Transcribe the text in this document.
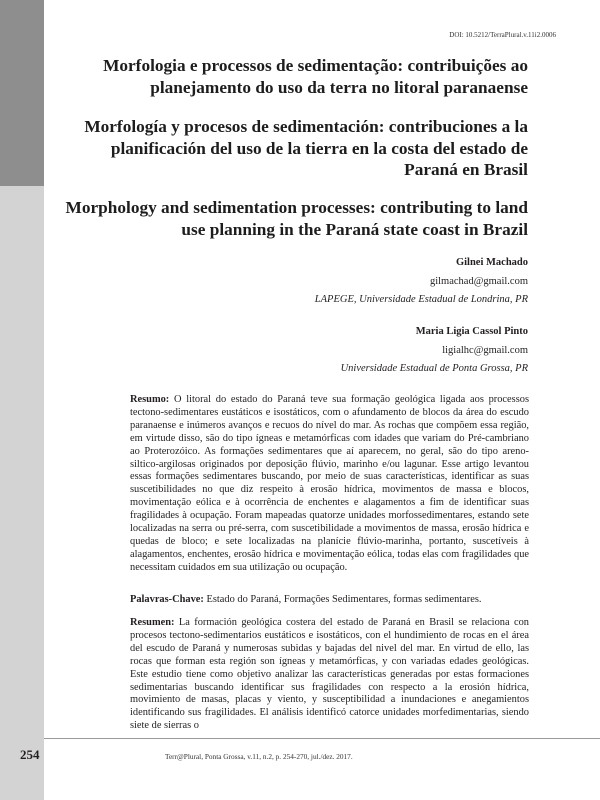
DOI: 10.5212/TerraPlural.v.11i2.0006
Morfologia e processos de sedimentação: contribuições ao planejamento do uso da terra no litoral paranaense
Morfología y procesos de sedimentación: contribuciones a la planificación del uso de la tierra en la costa del estado de Paraná en Brasil
Morphology and sedimentation processes: contributing to land use planning in the Paraná state coast in Brazil
Gilnei Machado
gilmachad@gmail.com
LAPEGE, Universidade Estadual de Londrina, PR
Maria Ligia Cassol Pinto
ligialhc@gmail.com
Universidade Estadual de Ponta Grossa, PR

Resumo: O litoral do estado do Paraná teve sua formação geológica ligada aos processos tectono-sedimentares eustáticos e isostáticos, com o afundamento de blocos da área do escudo paranaense e inúmeros avanços e recuos do nível do mar. As rochas que compõem essa região, em virtude disso, são do tipo ígneas e metamórficas com idades que variam do Pré-cambriano ao Proterozóico. As formações sedimentares que aí aparecem, no geral, são do tipo areno-siltico-argilosas originados por deposição flúvio, marinho e/ou lagunar. Esse artigo levantou essas formações sedimentares buscando, por meio de suas características, identificar as suas suscetibilidades no que diz respeito à erosão hídrica, movimentos de massa e blocos, movimentação eólica e à ocorrência de enchentes e alagamentos a fim de identificar suas fragilidades à ocupação. Foram mapeadas quatorze unidades morfossedimentares, estando sete localizadas na serra ou pré-serra, com suscetibilidade a movimentos de massa, erosão hídrica e quedas de bloco; e sete localizadas na planície flúvio-marinha, portanto, suscetíveis à alagamentos, enchentes, erosão hídrica e movimentação eólica, todas elas com fragilidades que necessitam cuidados em sua utilização ou ocupação.

Palavras-Chave: Estado do Paraná, Formações Sedimentares, formas sedimentares.

Resumen: La formación geológica costera del estado de Paraná en Brasil se relaciona con procesos tectono-sedimentarios eustáticos e isostáticos, con el hundimiento de rocas en el área del escudo de Paraná y numerosas subidas y bajadas del nivel del mar. En virtud de ello, las rocas que forman esta región son ígneas y metamórficas, y con variadas edades geológicas. Este estudio tiene como objetivo analizar las características generadas por estas formaciones sedimentarias buscando identificar sus fragilidades con respecto a la erosión hídrica, movimiento de masas, placas y viento, y susceptibilidad a inundaciones e anegamientos identificando sus fragilidades. El análisis identificó catorce unidades morfedimentarias, siendo siete de sierras o

254	Terr@Plural, Ponta Grossa, v.11, n.2, p. 254-270, jul./dez. 2017.
